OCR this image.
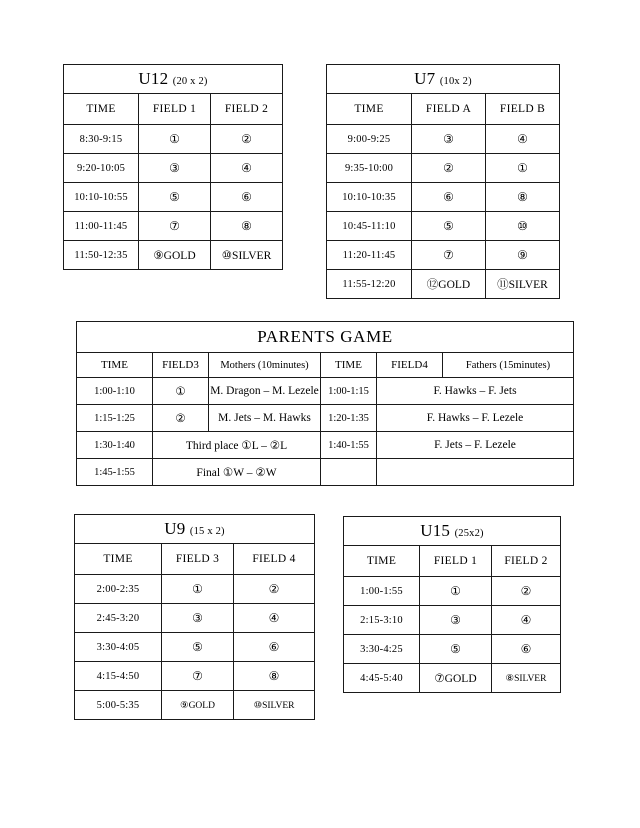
U12 (20 x 2)		
TIME	FIELD 1	FIELD 2
8:30-9:15	①	②
9:20-10:05	③	④
10:10-10:55	⑤	⑥
11:00-11:45	⑦	⑧
11:50-12:35	⑨GOLD	⑩SILVER
U7 (10x 2)		
TIME	FIELD A	FIELD B
9:00-9:25	③	④
9:35-10:00	②	①
10:10-10:35	⑥	⑧
10:45-11:10	⑤	⑩
11:20-11:45	⑦	⑨
11:55-12:20	⑫GOLD	⑪SILVER
PARENTS GAME					
TIME	FIELD3	Mothers (10minutes)	TIME	FIELD4	Fathers (15minutes)
1:00-1:10	①	M. Dragon – M. Lezele	1:00-1:15	F. Hawks – F. Jets	
1:15-1:25	②	M. Jets – M. Hawks	1:20-1:35	F. Hawks – F. Lezele	
1:30-1:40	Third place ①L – ②L		1:40-1:55	F. Jets – F. Lezele	
1:45-1:55	Final ①W – ②W				
U9 (15 x 2)		
TIME	FIELD 3	FIELD 4
2:00-2:35	①	②
2:45-3:20	③	④
3:30-4:05	⑤	⑥
4:15-4:50	⑦	⑧
5:00-5:35	⑨GOLD	⑩SILVER
U15 (25x2)		
TIME	FIELD 1	FIELD 2
1:00-1:55	①	②
2:15-3:10	③	④
3:30-4:25	⑤	⑥
4:45-5:40	⑦GOLD	⑧SILVER
